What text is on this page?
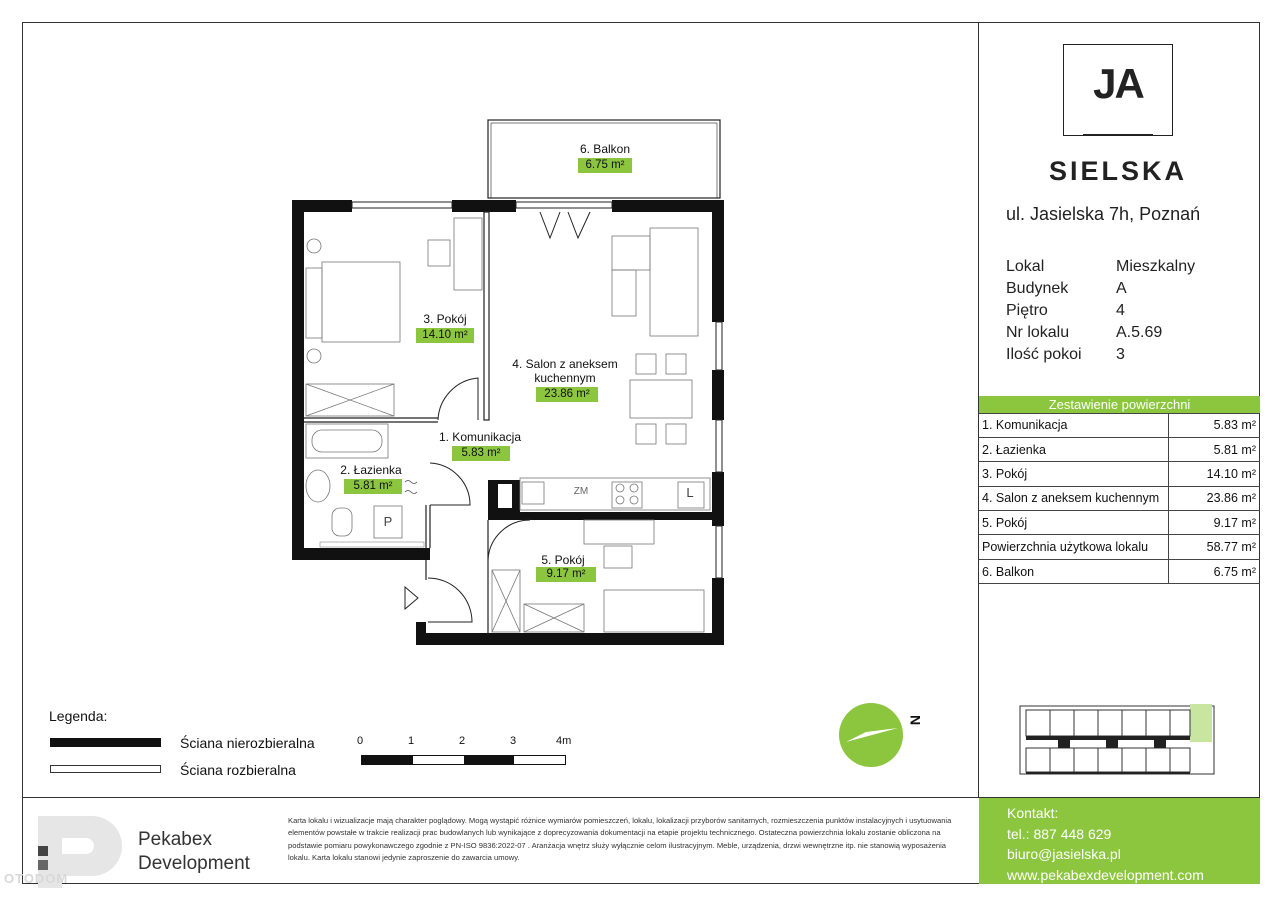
JA
SIELSKA
ul. Jasielska 7h, Poznań
Lokal	Mieszkalny
Budynek	A
Piętro	4
Nr lokalu	A.5.69
Ilość pokoi	3
Zestawienie powierzchni	
1. Komunikacja	5.83 m²
2. Łazienka	5.81 m²
3. Pokój	14.10 m²
4. Salon z aneksem kuchennym	23.86 m²
5. Pokój	9.17 m²
Powierzchnia użytkowa lokalu	58.77 m²
6. Balkon	6.75 m²
6. Balkon
6.75 m²
3. Pokój
14.10 m²
4. Salon z aneksem
kuchennym
23.86 m²
1. Komunikacja
5.83 m²
2. Łazienka
5.81 m²
5. Pokój
9.17 m²
ZM	L
P
Legenda:
Ściana nierozbieralna
Ściana rozbieralna
0	1	2	3	4m
N
Pekabex
Development
Karta lokalu i wizualizacje mają charakter poglądowy. Mogą wystąpić różnice wymiarów pomieszczeń, lokalu, lokalizacji przyborów sanitarnych, rozmieszczenia punktów instalacyjnych i usytuowania elementów powstałe w trakcie realizacji prac budowlanych lub wynikające z doprecyzowania dokumentacji na etapie projektu technicznego. Ostateczna powierzchnia lokalu zostanie obliczona na podstawie pomiaru powykonawczego zgodnie z PN-ISO 9836:2022-07 . Aranżacja wnętrz służy wyłącznie celom ilustracyjnym. Meble, urządzenia, drzwi wewnętrzne itp. nie stanowią wyposażenia lokalu. Karta lokalu stanowi jedynie zaproszenie do zawarcia umowy.
OTODOM
Kontakt:
tel.: 887 448 629
biuro@jasielska.pl
www.pekabexdevelopment.com
